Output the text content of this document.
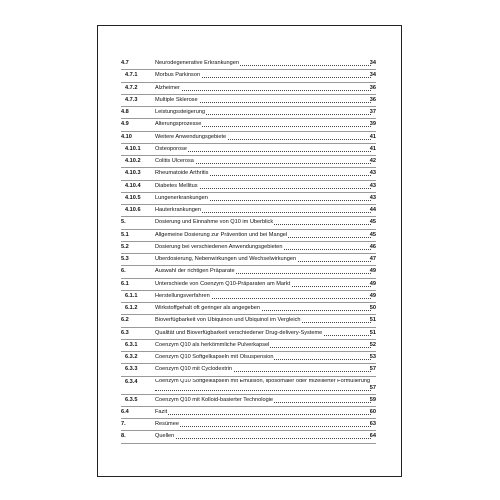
4.7	Neurodegenerative Erkrankungen	34
4.7.1	Morbus Parkinson	34
4.7.2	Alzheimer	36
4.7.3	Multiple Sklerose	36
4.8	Leistungssteigerung	37
4.9	Alterungsprozesse	39
4.10	Weitere Anwendungsgebiete	41
4.10.1	Osteoporose	41
4.10.2	Colitis Ulcerosa	42
4.10.3	Rheumatoide Arthritis	43
4.10.4	Diabetes Mellitus	43
4.10.5	Lungenerkrankungen	43
4.10.6	Hauterkrankungen	44
5.	Dosierung und Einnahme von Q10 im Überblick	45
5.1	Allgemeine Dosierung zur Prävention und bei Mangel	45
5.2	Dosierung bei verschiedenen Anwendungsgebieten	46
5.3	Überdosierung, Nebenwirkungen und Wechselwirkungen	47
6.	Auswahl der richtigen Präparate	49
6.1	Unterschiede von Coenzym Q10-Präparaten am Markt	49
6.1.1	Herstellungsverfahren	49
6.1.2	Wirkstoffgehalt oft geringer als angegeben	50
6.2	Bioverfügbarkeit von Ubiquinon und Ubiquinol im Vergleich	51
6.3	Qualität und Bioverfügbarkeit verschiedener Drug-delivery-Systeme	51
6.3.1	Coenzym Q10 als herkömmliche Pulverkapsel	52
6.3.2	Coenzym Q10 Softgelkapseln mit Ölsuspension	53
6.3.3	Coenzym Q10 mit Cyclodextrin	57
6.3.4	Coenzym Q10 Softgelkapseln mit Emulsion, liposomaler oder mizellierter Formulierung
57
6.3.5	Coenzym Q10 mit Kolloid-basierter Technologie	59
6.4	Fazit	60
7.	Resümee	63
8.	Quellen	64
